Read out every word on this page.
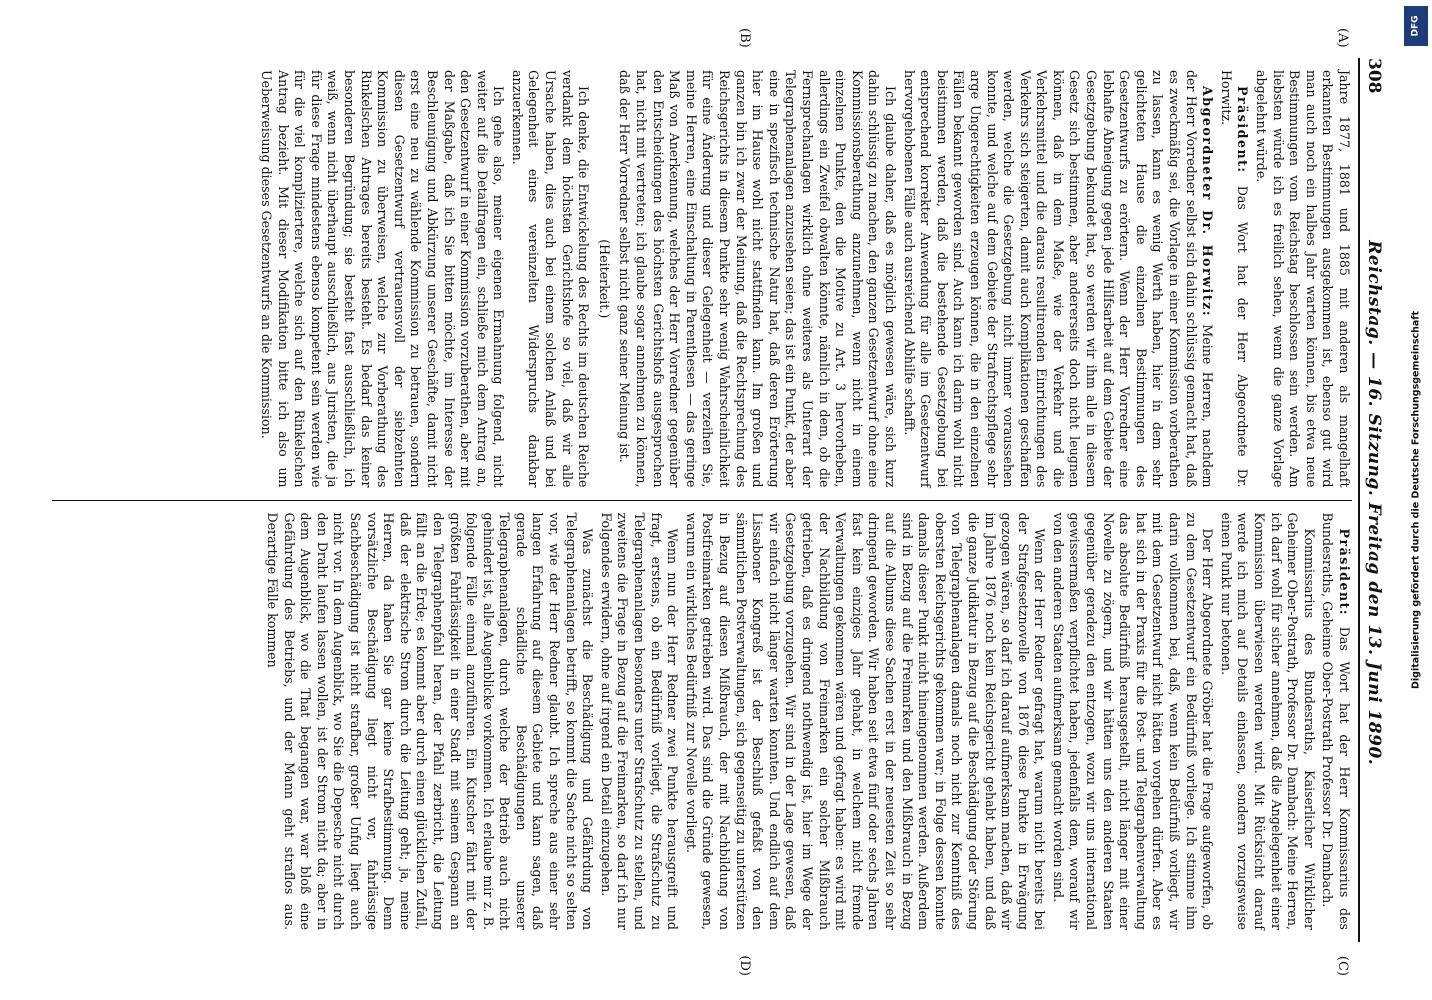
308
Reichstag. — 16. Sitzung. Freitag den 13. Juni 1890.
(A)
(B)

Jahre 1877, 1881 und 1885 mit anderen als mangelhaft erkannten Bestimmungen ausgekommen ist, ebenso gut wird man auch noch ein halbes Jahr warten können, bis etwa neue Bestimmungen vom Reichstag beschlossen sein werden. Am liebsten würde ich es freilich sehen, wenn die ganze Vorlage abgelehnt würde.

Präsident: Das Wort hat der Herr Abgeordnete Dr. Horwitz.

Abgeordneter Dr. Horwitz: Meine Herren, nachdem der Herr Vorredner selbst sich dahin schlüssig gemacht hat, daß es zweckmäßig sei, die Vorlage in einer Kommission vorberathen zu lassen, kann es wenig Werth haben, hier in dem sehr gelichteten Hause die einzelnen Bestimmungen des Gesetzentwurfs zu erörtern. Wenn der Herr Vorredner eine lebhafte Abneigung gegen jede Hilfsarbeit auf dem Gebiete der Gesetzgebung bekundet hat, so werden wir ihm alle in diesem Gesetz sich bestimmen, aber andererseits doch nicht leugnen können, daß in dem Maße, wie der Verkehr und die Verkehrsmittel und die daraus resultirenden Einrichtungen des Verkehrs sich steigerten, damit auch Komplikationen geschaffen werden, welche die Gesetzgebung nicht immer voraussehen konnte, und welche auf dem Gebiete der Strafrechtspflege sehr arge Ungerechtigkeiten erzeugen können, die in den einzelnen Fällen bekannt geworden sind. Auch kann ich darin wohl nicht beistimmen werden, daß die bestehende Gesetzgebung bei entsprechend korrekter Anwendung für alle im Gesetzentwurf hervorgehobenen Fälle auch ausreichend Abhilfe schafft.

Ich glaube daher, daß es möglich gewesen wäre, sich kurz dahin schlüssig zu machen, den ganzen Gesetzentwurf ohne eine Kommissionsberathung anzunehmen, wenn nicht in einem einzelnen Punkte, den die Motive zu Art. 3 hervorheben, allerdings ein Zweifel obwalten könnte, nämlich in dem, ob die Fernsprechanlagen wirklich ohne weiteres als Unterart der Telegraphenanlagen anzusehen seien; das ist ein Punkt, der aber eine in spezifisch technische Natur hat, daß deren Erörterung hier im Hause wohl nicht stattfinden kann. Im großen und ganzen bin ich zwar der Meinung, daß die Rechtsprechung des Reichsgerichts in diesem Punkte sehr wenig Wahrscheinlichkeit für eine Änderung und dieser Gelegenheit — verzeihen Sie, meine Herren, eine Einschaltung in Parenthesen — das geringe Maß von Anerkennung, welches der Herr Vorredner gegenüber den Entscheidungen des höchsten Gerichtshofs ausgesprochen hat, nicht mit vertreten; ich glaube sogar annehmen zu können, daß der Herr Vorredner selbst nicht ganz seiner Meinung ist.

(Heiterkeit.)

Ich denke, die Entwickelung des Rechts im deutschen Reiche verdankt dem höchsten Gerichtshofe so viel, daß wir alle Ursache haben, dies auch bei einem solchen Anlaß und bei Gelegenheit eines vereinzelten Widerspruchs dankbar anzuerkennen.

Ich gehe also, meiner eigenen Ermahnung folgend, nicht weiter auf die Detailfragen ein, schließe mich dem Antrag an, den Gesetzentwurf in einer Kommission vorzuberathen, aber mit der Maßgabe, daß ich Sie bitten möchte, im Interesse der Beschleunigung und Abkürzung unserer Geschäfte, damit nicht erst eine neu zu wählende Kommission zu betrauen, sondern diesen Gesetzentwurf vertrauensvoll der siebzehnten Kommission zu überweisen, welche zur Vorberathung des Rinkelschen Antrages bereits besteht. Es bedarf das keiner besonderen Begründung; sie besteht fast ausschließlich, ich weiß, wenn nicht überhaupt ausschließlich, aus Juristen, die ja für diese Frage mindestens ebenso kompetent sein werden wie für die viel kompliziertere, welche sich auf den Rinkelschen Antrag bezieht. Mit dieser Modifikation bitte ich also um Ueberweisung dieses Gesetzentwurfs an die Kommission.

(C)
(D)

Präsident: Das Wort hat der Herr Kommissarius des Bundesraths, Geheime Ober-Postrath Professor Dr. Dambach.

Kommissarius des Bundesraths, Kaiserlicher Wirklicher Geheimer Ober-Postrath, Professor Dr. Dambach: Meine Herren, ich darf wohl für sicher annehmen, daß die Angelegenheit einer Kommission überwiesen werden wird. Mit Rücksicht darauf werde ich mich auf Details einlassen, sondern vorzugsweise einen Punkt nur betonen.

Der Herr Abgeordnete Gröber hat die Frage aufgeworfen, ob zu dem Gesetzentwurf ein Bedürfniß vorliege. Ich stimme ihm darin vollkommen bei, daß, wenn kein Bedürfniß vorliegt, wir mit dem Gesetzentwurf nicht hätten vorgehen dürfen. Aber es hat sich in der Praxis für die Post- und Telegraphenverwaltung das absolute Bedürfniß herausgestellt, nicht länger mit einer Novelle zu zögern, und wir hätten uns den anderen Staaten gegenüber geradezu den entzogen, wozu wir uns international gewissermaßen verpflichtet haben, jedenfalls dem, worauf wir von den anderen Staaten aufmerksam gemacht worden sind.

Wenn der Herr Redner gefragt hat, warum nicht bereits bei der Strafgesetznovelle von 1876 diese Punkte in Erwägung gezogen wären, so darf ich darauf aufmerksam machen, daß wir im Jahre 1876 noch kein Reichsgericht gehabt haben, und daß die ganze Judikatur in Bezug auf die Beschädigung oder Störung von Telegraphenanlagen damals noch nicht zur Kenntniß des obersten Reichsgerichts gekommen war; in Folge dessen konnte damals dieser Punkt nicht hineingenommen werden. Außerdem sind in Bezug auf die Freimarken und den Mißbrauch in Bezug auf die Albums diese Sachen erst in der neuesten Zeit so sehr dringend geworden. Wir haben seit etwa fünf oder sechs Jahren fast kein einziges Jahr gehabt, in welchem nicht fremde Verwaltungen gekommen wären und gefragt haben: es wird mit der Nachbildung von Freimarken ein solcher Mißbrauch getrieben, daß es dringend nothwendig ist, hier im Wege der Gesetzgebung vorzugehen. Wir sind in der Lage gewesen, daß wir einfach nicht länger warten konnten. Und endlich auf dem Lissaboner Kongreß ist der Beschluß gefaßt von den sämmtlichen Postverwaltungen, sich gegenseitig zu unterstützen in Bezug auf diesen Mißbrauch, der mit Nachbildung von Postfreimarken getrieben wird. Das sind die Gründe gewesen, warum ein wirkliches Bedürfniß zur Novelle vorliegt.

Wenn nun der Herr Redner zwei Punkte herausgreift und fragt, erstens, ob ein Bedürfniß vorliegt, die Strafschutz zu Telegraphenanlagen besonders unter Strafschutz zu stellen, und zweitens die Frage in Bezug auf die Freimarken, so darf ich nur Folgendes erwidern, ohne auf irgend ein Detail einzugehen.

Was zunächst die Beschädigung und Gefährdung von Telegraphenanlagen betrifft, so kommt die Sache nicht so selten vor, wie der Herr Redner glaubt. Ich spreche aus einer sehr langen Erfahrung auf diesem Gebiete und kann sagen, daß gerade schädliche Beschädigungen unserer Telegraphenanlagen, durch welche der Betrieb auch nicht gehindert ist, alle Augenblicke vorkommen. Ich erlaube mir z. B. folgende Fälle einmal anzuführen. Ein Kutscher fährt mit der größten Fahrlässigkeit in einer Stadt mit seinem Gespann an den Telegraphenpfahl heran, der Pfahl zerbricht, die Leitung fällt an die Erde; es kommt aber durch einen glücklichen Zufall, daß der elektrische Strom durch die Leitung geht; ja, meine Herren, da haben Sie gar keine Strafbestimmung. Denn vorsätzliche Beschädigung liegt nicht vor, fahrlässige Sachbeschädigung ist nicht strafbar, großer Unfug liegt auch nicht vor. In dem Augenblick, wo Sie die Depesche nicht durch den Draht laufen lassen wollen, ist der Strom nicht da; aber in dem Augenblick, wo die That begangen war, war bloß eine Gefährdung des Betriebs, und der Mann geht straflos aus. Derartige Fälle kommen

DFG
Digitalisierung gefördert durch die Deutsche Forschungsgemeinschaft
